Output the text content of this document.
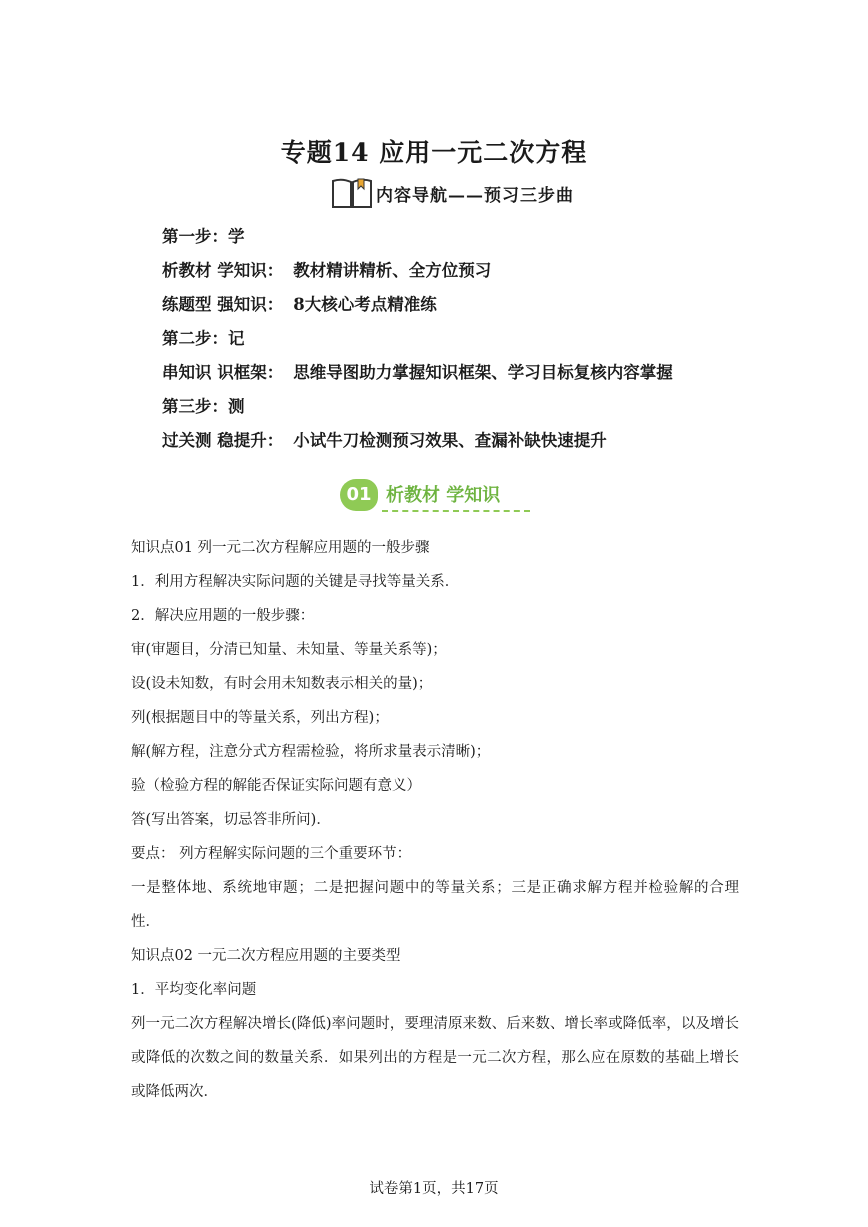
专题14 应用一元二次方程
内容导航——预习三步曲
第一步：学
析教材 学知识： 教材精讲精析、全方位预习
练题型 强知识： 8大核心考点精准练
第二步：记
串知识 识框架： 思维导图助力掌握知识框架、学习目标复核内容掌握
第三步：测
过关测 稳提升： 小试牛刀检测预习效果、查漏补缺快速提升
01 析教材 学知识
知识点01 列一元二次方程解应用题的一般步骤
1．利用方程解决实际问题的关键是寻找等量关系．
2．解决应用题的一般步骤：
审(审题目，分清已知量、未知量、等量关系等)；
设(设未知数，有时会用未知数表示相关的量)；
列(根据题目中的等量关系，列出方程)；
解(解方程，注意分式方程需检验，将所求量表示清晰)；
验（检验方程的解能否保证实际问题有意义）
答(写出答案，切忌答非所问)．
要点： 列方程解实际问题的三个重要环节：
一是整体地、系统地审题；二是把握问题中的等量关系；三是正确求解方程并检验解的合理性．
知识点02 一元二次方程应用题的主要类型
1．平均变化率问题
列一元二次方程解决增长(降低)率问题时，要理清原来数、后来数、增长率或降低率，以及增长或降低的次数之间的数量关系．如果列出的方程是一元二次方程，那么应在原数的基础上增长或降低两次．
试卷第1页，共17页
